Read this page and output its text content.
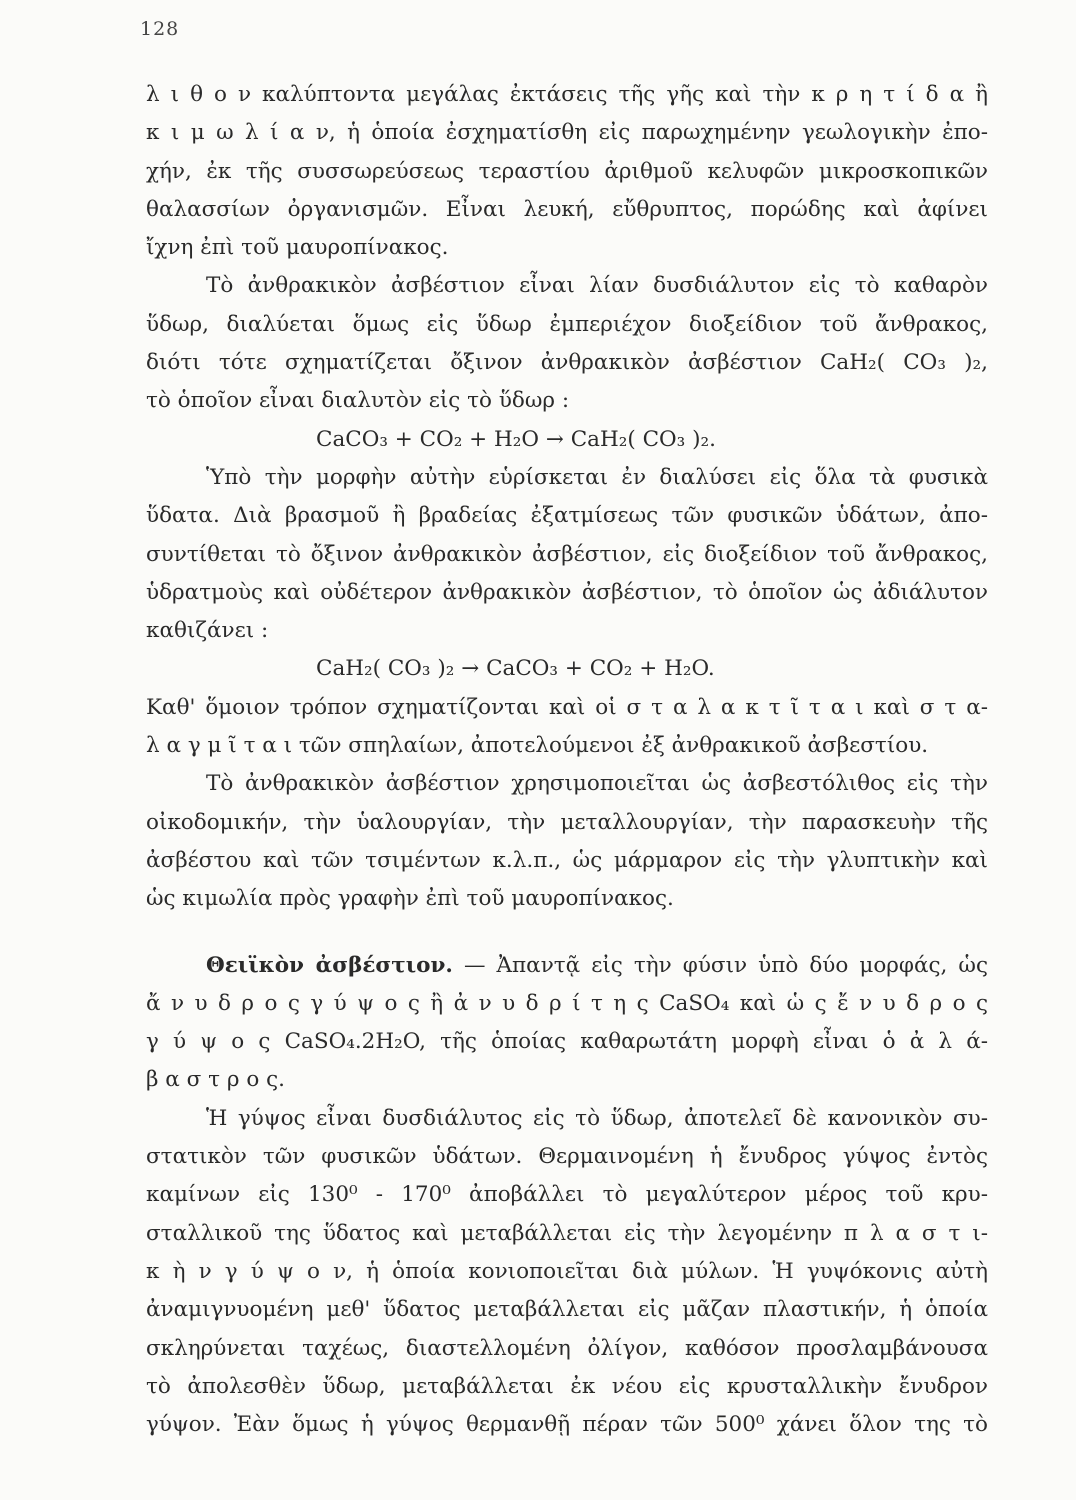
128
λ ι θ ο ν καλύπτοντα μεγάλας ἐκτάσεις τῆς γῆς καὶ τὴν κ ρ η τ ί δ α ἢ
κ ι μ ω λ ί α ν, ἡ ὁποία ἐσχηματίσθη εἰς παρωχημένην γεωλογικὴν ἐπο-
χήν, ἐκ τῆς συσσωρεύσεως τεραστίου ἀριθμοῦ κελυφῶν μικροσκοπικῶν
θαλασσίων ὀργανισμῶν. Εἶναι λευκή, εὔθρυπτος, πορώδης καὶ ἀφίνει
ἴχνη ἐπὶ τοῦ μαυροπίνακος.
Τὸ ἀνθρακικὸν ἀσβέστιον εἶναι λίαν δυσδιάλυτον εἰς τὸ καθαρὸν
ὕδωρ, διαλύεται ὅμως εἰς ὕδωρ ἐμπεριέχον διοξείδιον τοῦ ἄνθρακος,
διότι τότε σχηματίζεται ὄξινον ἀνθρακικὸν ἀσβέστιον CaH₂( CO₃ )₂,
τὸ ὁποῖον εἶναι διαλυτὸν εἰς τὸ ὕδωρ :
CaCO₃ + CO₂ + H₂O → CaH₂( CO₃ )₂.
Ὑπὸ τὴν μορφὴν αὐτὴν εὑρίσκεται ἐν διαλύσει εἰς ὅλα τὰ φυσικὰ
ὕδατα. Διὰ βρασμοῦ ἢ βραδείας ἐξατμίσεως τῶν φυσικῶν ὑδάτων, ἀπο-
συντίθεται τὸ ὄξινον ἀνθρακικὸν ἀσβέστιον, εἰς διοξείδιον τοῦ ἄνθρακος,
ὑδρατμοὺς καὶ οὐδέτερον ἀνθρακικὸν ἀσβέστιον, τὸ ὁποῖον ὡς ἀδιάλυτον
καθιζάνει :
CaH₂( CO₃ )₂ → CaCO₃ + CO₂ + H₂O.
Καθ' ὅμοιον τρόπον σχηματίζονται καὶ οἱ σ τ α λ α κ τ ῖ τ α ι καὶ σ τ α-
λ α γ μ ῖ τ α ι τῶν σπηλαίων, ἀποτελούμενοι ἐξ ἀνθρακικοῦ ἀσβεστίου.
Τὸ ἀνθρακικὸν ἀσβέστιον χρησιμοποιεῖται ὡς ἀσβεστόλιθος εἰς τὴν
οἰκοδομικήν, τὴν ὑαλουργίαν, τὴν μεταλλουργίαν, τὴν παρασκευὴν τῆς
ἀσβέστου καὶ τῶν τσιμέντων κ.λ.π., ὡς μάρμαρον εἰς τὴν γλυπτικὴν καὶ
ὡς κιμωλία πρὸς γραφὴν ἐπὶ τοῦ μαυροπίνακος.
Θειϊκὸν ἀσβέστιον. — Ἀπαντᾷ εἰς τὴν φύσιν ὑπὸ δύο μορφάς, ὡς
ἄ ν υ δ ρ ο ς γ ύ ψ ο ς ἢ ἀ ν υ δ ρ ί τ η ς CaSO₄ καὶ ὡ ς ἔ ν υ δ ρ ο ς
γ ύ ψ ο ς CaSO₄.2H₂O, τῆς ὁποίας καθαρωτάτη μορφὴ εἶναι ὁ ἀ λ ά-
β α σ τ ρ ο ς.
Ἡ γύψος εἶναι δυσδιάλυτος εἰς τὸ ὕδωρ, ἀποτελεῖ δὲ κανονικὸν συ-
στατικὸν τῶν φυσικῶν ὑδάτων. Θερμαινομένη ἡ ἔνυδρος γύψος ἐντὸς
καμίνων εἰς 130⁰ - 170⁰ ἀποβάλλει τὸ μεγαλύτερον μέρος τοῦ κρυ-
σταλλικοῦ της ὕδατος καὶ μεταβάλλεται εἰς τὴν λεγομένην π λ α σ τ ι-
κ ὴ ν γ ύ ψ ο ν, ἡ ὁποία κονιοποιεῖται διὰ μύλων. Ἡ γυψόκονις αὐτὴ
ἀναμιγνυομένη μεθ' ὕδατος μεταβάλλεται εἰς μᾶζαν πλαστικήν, ἡ ὁποία
σκληρύνεται ταχέως, διαστελλομένη ὀλίγον, καθόσον προσλαμβάνουσα
τὸ ἀπολεσθὲν ὕδωρ, μεταβάλλεται ἐκ νέου εἰς κρυσταλλικὴν ἔνυδρον
γύψον. Ἐὰν ὅμως ἡ γύψος θερμανθῇ πέραν τῶν 500⁰ χάνει ὅλον της τὸ
